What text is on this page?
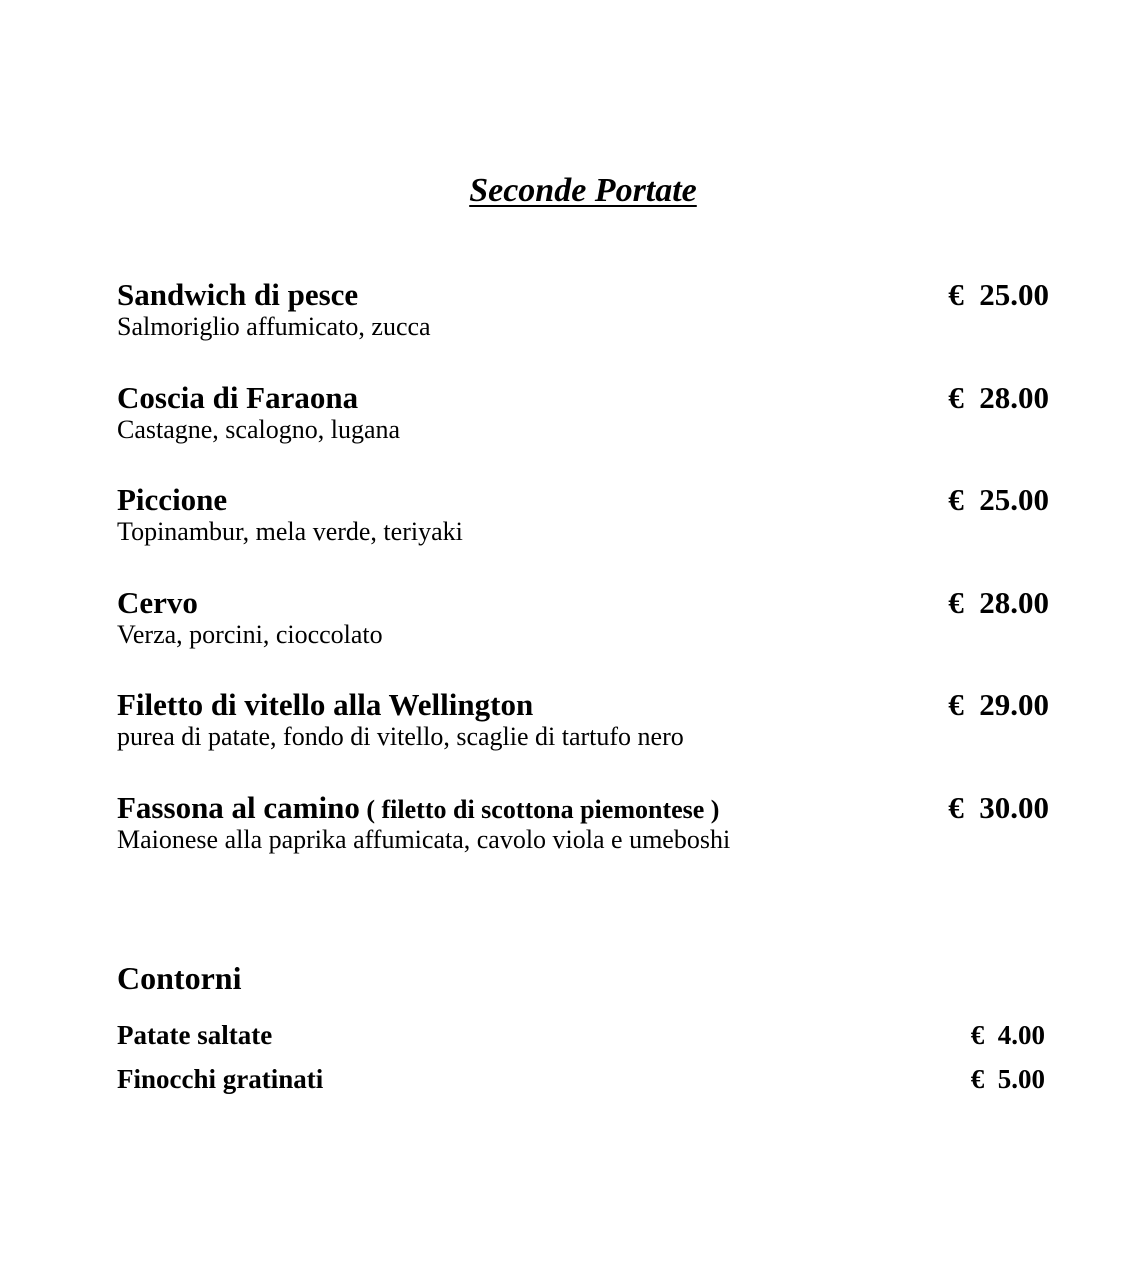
Seconde Portate
Sandwich di pesce	€  25.00
Salmoriglio affumicato, zucca
Coscia di Faraona	€  28.00
Castagne, scalogno, lugana
Piccione	€  25.00
Topinambur, mela verde, teriyaki
Cervo	€  28.00
Verza, porcini, cioccolato
Filetto di vitello alla Wellington	€  29.00
purea di patate, fondo di vitello, scaglie di tartufo nero
Fassona al camino ( filetto di scottona piemontese )	€  30.00
Maionese alla paprika affumicata, cavolo viola e umeboshi
Contorni
Patate saltate	€  4.00
Finocchi gratinati	€  5.00
